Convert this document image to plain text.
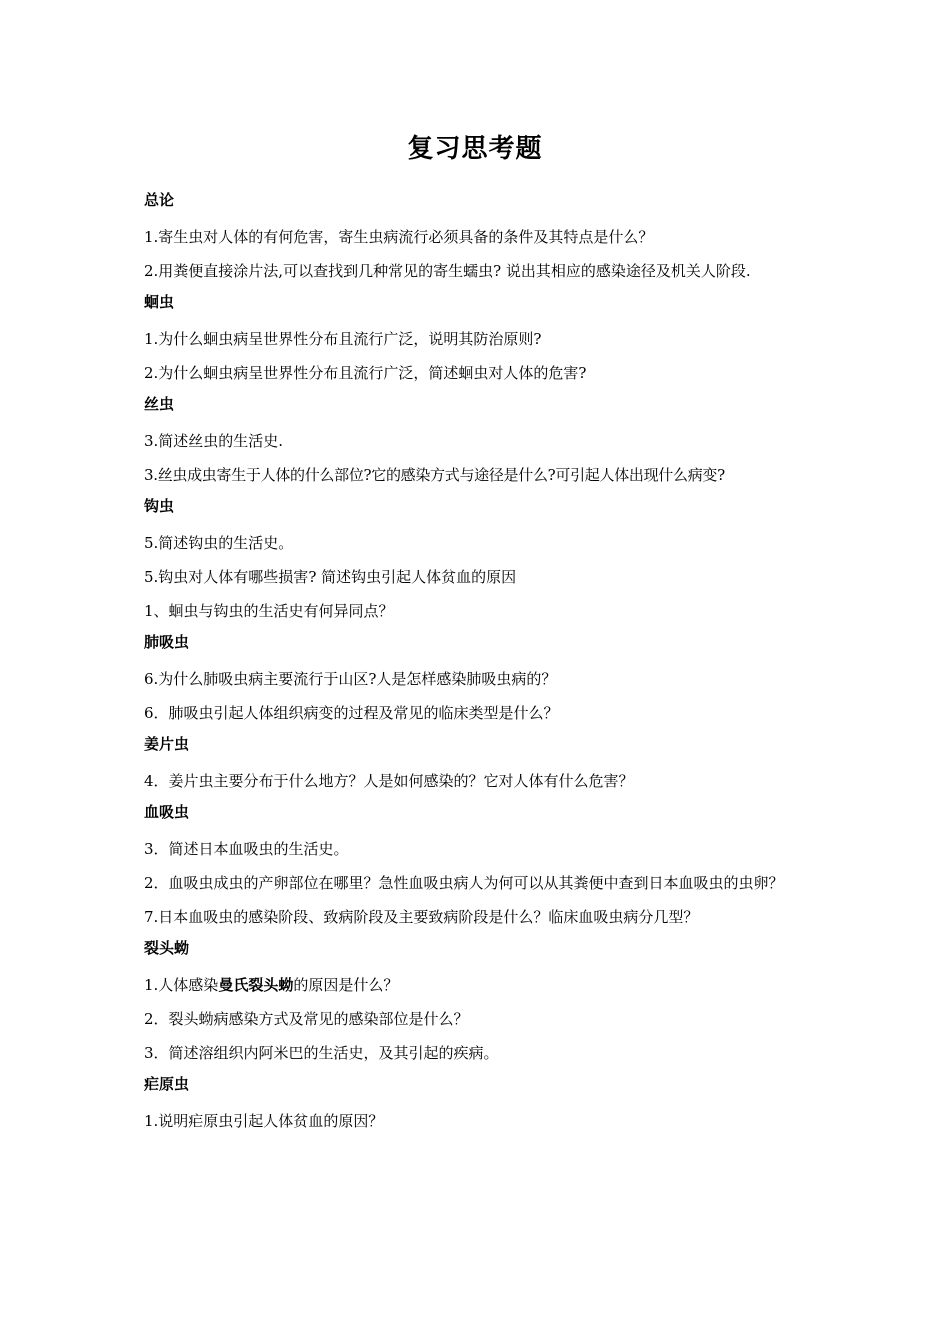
复习思考题
总论
1.寄生虫对人体的有何危害，寄生虫病流行必须具备的条件及其特点是什么？
2.用粪便直接涂片法,可以查找到几种常见的寄生蠕虫? 说出其相应的感染途径及机关人阶段.
蛔虫
1.为什么蛔虫病呈世界性分布且流行广泛，说明其防治原则?
2.为什么蛔虫病呈世界性分布且流行广泛，简述蛔虫对人体的危害?
丝虫
3.简述丝虫的生活史.
3.丝虫成虫寄生于人体的什么部位?它的感染方式与途径是什么?可引起人体出现什么病变?
钩虫
5.简述钩虫的生活史。
5.钩虫对人体有哪些损害? 简述钩虫引起人体贫血的原因
1、蛔虫与钩虫的生活史有何异同点？
肺吸虫
6.为什么肺吸虫病主要流行于山区?人是怎样感染肺吸虫病的？
6．肺吸虫引起人体组织病变的过程及常见的临床类型是什么？
姜片虫
4．姜片虫主要分布于什么地方？人是如何感染的？它对人体有什么危害？
血吸虫
3．简述日本血吸虫的生活史。
2．血吸虫成虫的产卵部位在哪里？急性血吸虫病人为何可以从其粪便中查到日本血吸虫的虫卵？
7.日本血吸虫的感染阶段、致病阶段及主要致病阶段是什么？临床血吸虫病分几型？
裂头蚴
1.人体感染曼氏裂头蚴的原因是什么？
2．裂头蚴病感染方式及常见的感染部位是什么？
3．简述溶组织内阿米巴的生活史，及其引起的疾病。
疟原虫
1.说明疟原虫引起人体贫血的原因？
